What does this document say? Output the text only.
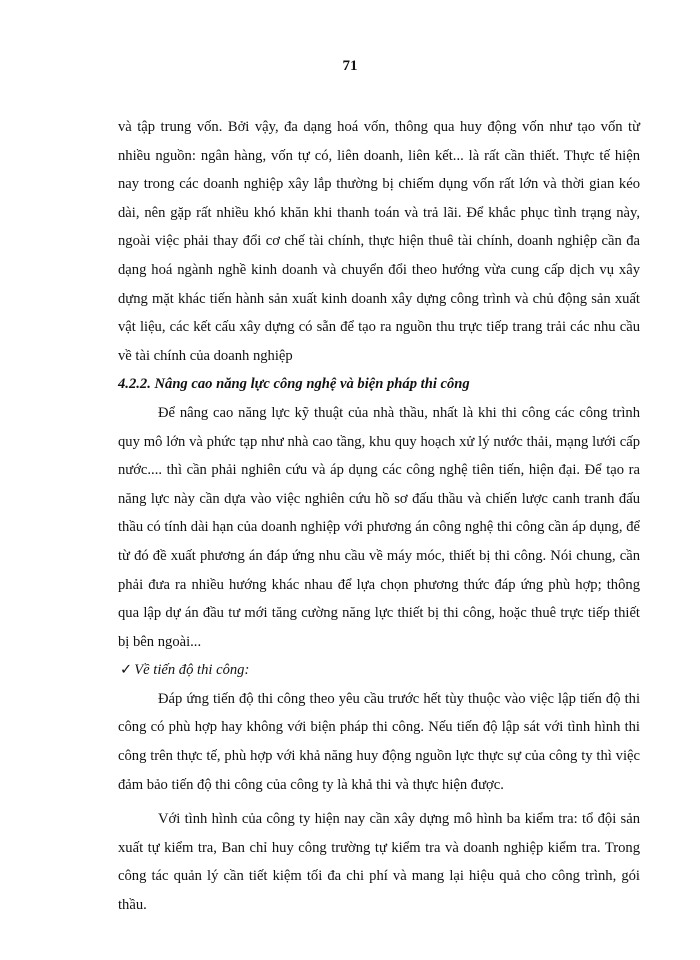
71

và tập trung vốn. Bởi vậy, đa dạng hoá vốn, thông qua huy động vốn như tạo vốn từ nhiều nguồn: ngân hàng, vốn tự có, liên doanh, liên kết... là rất cần thiết. Thực tế hiện nay trong các doanh nghiệp xây lắp thường bị chiếm dụng vốn rất lớn và thời gian kéo dài, nên gặp rất nhiều khó khăn khi thanh toán và trả lãi. Để khắc phục tình trạng này, ngoài việc phải thay đổi cơ chế tài chính, thực hiện thuê tài chính, doanh nghiệp cần đa dạng hoá ngành nghề kinh doanh và chuyển đổi theo hướng vừa cung cấp dịch vụ xây dựng mặt khác tiến hành sản xuất kinh doanh xây dựng công trình và chủ động sản xuất vật liệu, các kết cấu xây dựng có sẵn để tạo ra nguồn thu trực tiếp trang trải các nhu cầu về tài chính của doanh nghiệp

4.2.2. Nâng cao năng lực công nghệ và biện pháp thi công

Để nâng cao năng lực kỹ thuật của nhà thầu, nhất là khi thi công các công trình quy mô lớn và phức tạp như nhà cao tầng, khu quy hoạch xử lý nước thải, mạng lưới cấp nước.... thì cần phải nghiên cứu và áp dụng các công nghệ tiên tiến, hiện đại. Để tạo ra năng lực này cần dựa vào việc nghiên cứu hồ sơ đấu thầu và chiến lược canh tranh đấu thầu có tính dài hạn của doanh nghiệp với phương án công nghệ thi công cần áp dụng, để từ đó đề xuất phương án đáp ứng nhu cầu về máy móc, thiết bị thi công. Nói chung, cần phải đưa ra nhiều hướng khác nhau để lựa chọn phương thức đáp ứng phù hợp; thông qua lập dự án đầu tư mới tăng cường năng lực thiết bị thi công, hoặc thuê trực tiếp thiết bị bên ngoài...

✓ Về tiến độ thi công:

Đáp ứng tiến độ thi công theo yêu cầu trước hết tùy thuộc vào việc lập tiến độ thi công có phù hợp hay không với biện pháp thi công. Nếu tiến độ lập sát với tình hình thi công trên thực tế, phù hợp với khả năng huy động nguồn lực thực sự của công ty thì việc đảm bảo tiến độ thi công của công ty là khả thi và thực hiện được.

Với tình hình của công ty hiện nay cần xây dựng mô hình ba kiểm tra: tổ đội sản xuất tự kiểm tra, Ban chỉ huy công trường tự kiểm tra và doanh nghiệp kiểm tra. Trong công tác quản lý cần tiết kiệm tối đa chi phí và mang lại hiệu quả cho công trình, gói thầu.
